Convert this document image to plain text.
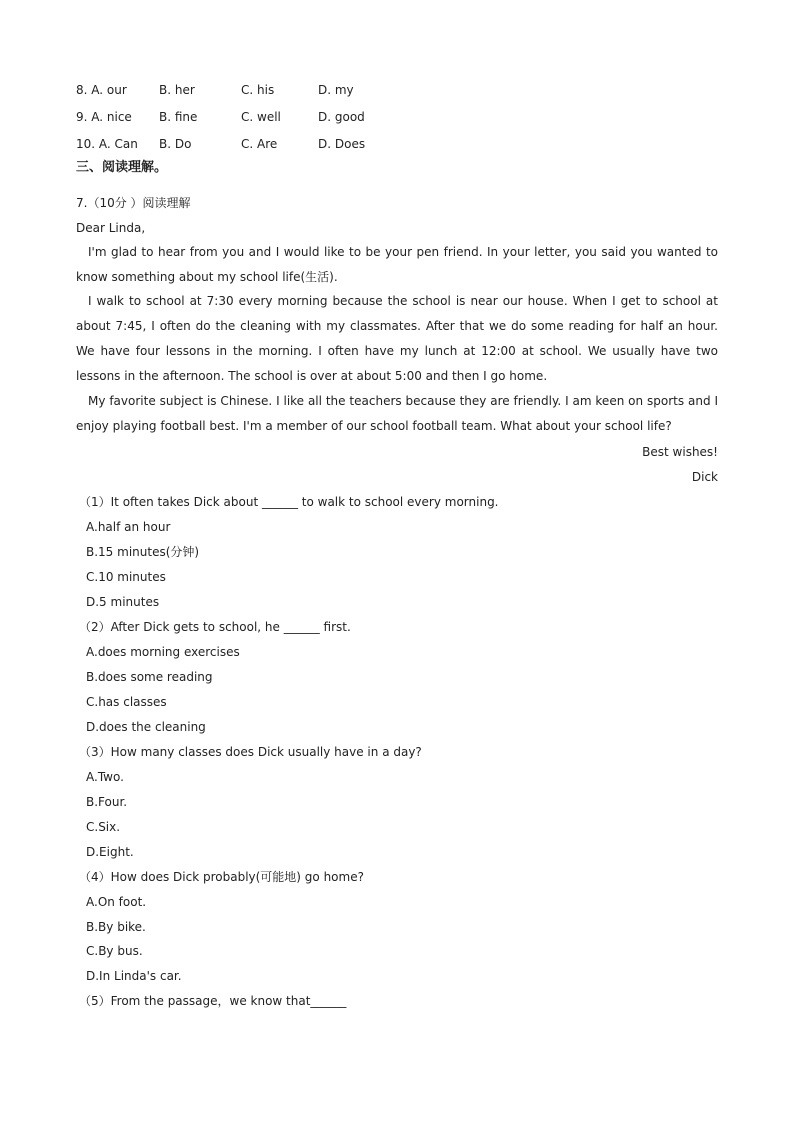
8. A. our	B. her	C. his	D. my
9. A. nice B. fine	C. well	D. good
10. A. Can B. Do	C. Are	D. Does
三、阅读理解。
7.（10分 ）阅读理解
Dear Linda,
I'm glad to hear from you and I would like to be your pen friend. In your letter, you said you wanted to know something about my school life(生活).
I walk to school at 7:30 every morning because the school is near our house. When I get to school at about 7:45, I often do the cleaning with my classmates. After that we do some reading for half an hour. We have four lessons in the morning. I often have my lunch at 12:00 at school. We usually have two lessons in the afternoon. The school is over at about 5:00 and then I go home.
My favorite subject is Chinese. I like all the teachers because they are friendly. I am keen on sports and I enjoy playing football best. I'm a member of our school football team. What about your school life?
Best wishes!
Dick
（1）It often takes Dick about ______ to walk to school every morning.
A.half an hour
B.15 minutes(分钟)
C.10 minutes
D.5 minutes
（2）After Dick gets to school, he ______ first.
A.does morning exercises
B.does some reading
C.has classes
D.does the cleaning
（3）How many classes does Dick usually have in a day?
A.Two.
B.Four.
C.Six.
D.Eight.
（4）How does Dick probably(可能地) go home?
A.On foot.
B.By bike.
C.By bus.
D.In Linda's car.
（5）From the passage，we know that______
